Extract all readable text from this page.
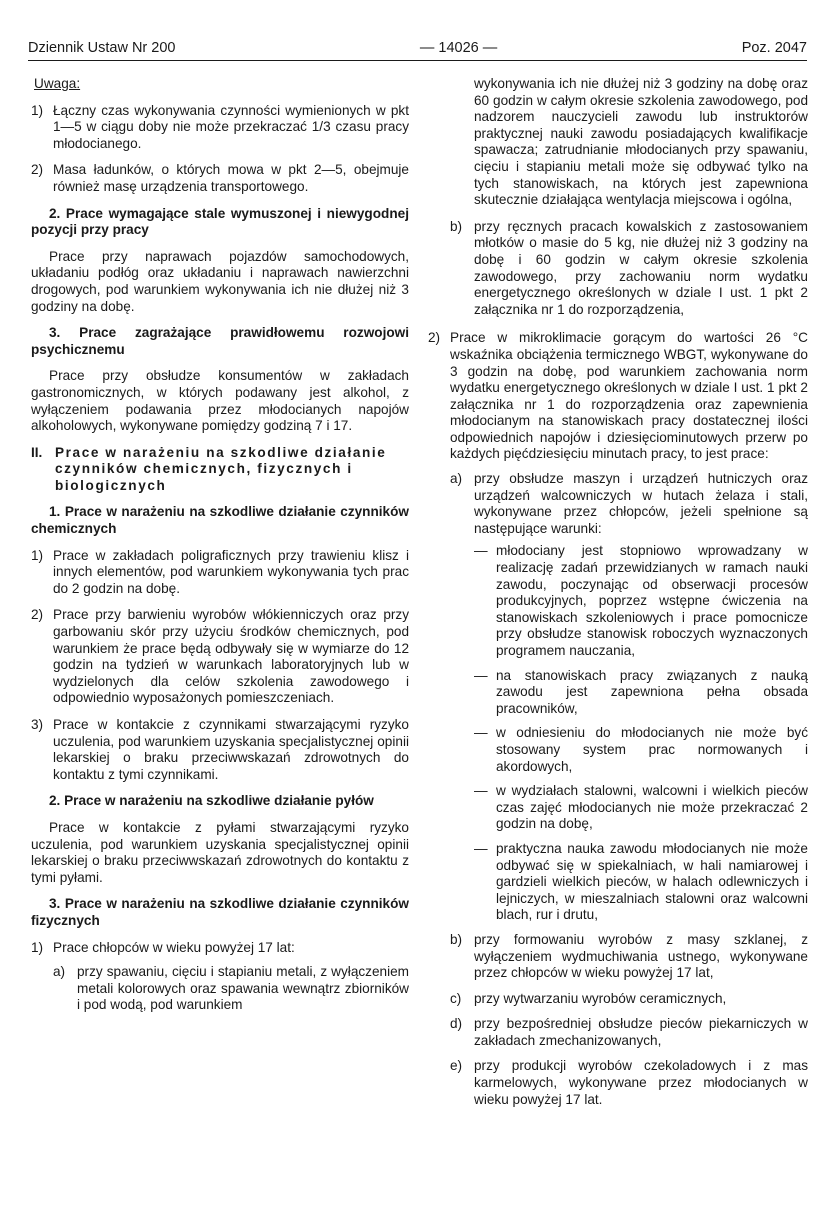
Dziennik Ustaw Nr 200	— 14026 —	Poz. 2047

Uwaga:

1) Łączny czas wykonywania czynności wymienionych w pkt 1—5 w ciągu doby nie może przekraczać 1/3 czasu pracy młodocianego.
2) Masa ładunków, o których mowa w pkt 2—5, obejmuje również masę urządzenia transportowego.

2. Prace wymagające stale wymuszonej i niewygodnej pozycji przy pracy

Prace przy naprawach pojazdów samochodowych, układaniu podłóg oraz układaniu i naprawach nawierzchni drogowych, pod warunkiem wykonywania ich nie dłużej niż 3 godziny na dobę.

3. Prace zagrażające prawidłowemu rozwojowi psychicznemu

Prace przy obsłudze konsumentów w zakładach gastronomicznych, w których podawany jest alkohol, z wyłączeniem podawania przez młodocianych napojów alkoholowych, wykonywane pomiędzy godziną 7 i 17.

II. Prace w narażeniu na szkodliwe działanie czynników chemicznych, fizycznych i biologicznych

1. Prace w narażeniu na szkodliwe działanie czynników chemicznych

1) Prace w zakładach poligraficznych przy trawieniu klisz i innych elementów, pod warunkiem wykonywania tych prac do 2 godzin na dobę.
2) Prace przy barwieniu wyrobów włókienniczych oraz przy garbowaniu skór przy użyciu środków chemicznych, pod warunkiem że prace będą odbywały się w wymiarze do 12 godzin na tydzień w warunkach laboratoryjnych lub w wydzielonych dla celów szkolenia zawodowego i odpowiednio wyposażonych pomieszczeniach.
3) Prace w kontakcie z czynnikami stwarzającymi ryzyko uczulenia, pod warunkiem uzyskania specjalistycznej opinii lekarskiej o braku przeciwwskazań zdrowotnych do kontaktu z tymi czynnikami.

2. Prace w narażeniu na szkodliwe działanie pyłów

Prace w kontakcie z pyłami stwarzającymi ryzyko uczulenia, pod warunkiem uzyskania specjalistycznej opinii lekarskiej o braku przeciwwskazań zdrowotnych do kontaktu z tymi pyłami.

3. Prace w narażeniu na szkodliwe działanie czynników fizycznych

1) Prace chłopców w wieku powyżej 17 lat:
a) przy spawaniu, cięciu i stapianiu metali, z wyłączeniem metali kolorowych oraz spawania wewnątrz zbiorników i pod wodą, pod warunkiem

wykonywania ich nie dłużej niż 3 godziny na dobę oraz 60 godzin w całym okresie szkolenia zawodowego, pod nadzorem nauczycieli zawodu lub instruktorów praktycznej nauki zawodu posiadających kwalifikacje spawacza; zatrudnianie młodocianych przy spawaniu, cięciu i stapianiu metali może się odbywać tylko na tych stanowiskach, na których jest zapewniona skutecznie działająca wentylacja miejscowa i ogólna,

b) przy ręcznych pracach kowalskich z zastosowaniem młotków o masie do 5 kg, nie dłużej niż 3 godziny na dobę i 60 godzin w całym okresie szkolenia zawodowego, przy zachowaniu norm wydatku energetycznego określonych w dziale I ust. 1 pkt 2 załącznika nr 1 do rozporządzenia,
2) Prace w mikroklimacie gorącym do wartości 26 °C wskaźnika obciążenia termicznego WBGT, wykonywane do 3 godzin na dobę, pod warunkiem zachowania norm wydatku energetycznego określonych w dziale I ust. 1 pkt 2 załącznika nr 1 do rozporządzenia oraz zapewnienia młodocianym na stanowiskach pracy dostatecznej ilości odpowiednich napojów i dziesięciominutowych przerw po każdych pięćdziesięciu minutach pracy, to jest prace:
a) przy obsłudze maszyn i urządzeń hutniczych oraz urządzeń walcowniczych w hutach żelaza i stali, wykonywane przez chłopców, jeżeli spełnione są następujące warunki:
— młodociany jest stopniowo wprowadzany w realizację zadań przewidzianych w ramach nauki zawodu, poczynając od obserwacji procesów produkcyjnych, poprzez wstępne ćwiczenia na stanowiskach szkoleniowych i prace pomocnicze przy obsłudze stanowisk roboczych wyznaczonych programem nauczania,
— na stanowiskach pracy związanych z nauką zawodu jest zapewniona pełna obsada pracowników,
— w odniesieniu do młodocianych nie może być stosowany system prac normowanych i akordowych,
— w wydziałach stalowni, walcowni i wielkich pieców czas zajęć młodocianych nie może przekraczać 2 godzin na dobę,
— praktyczna nauka zawodu młodocianych nie może odbywać się w spiekalniach, w hali namiarowej i gardzieli wielkich pieców, w halach odlewniczych i lejniczych, w mieszalniach stalowni oraz walcowni blach, rur i drutu,
b) przy formowaniu wyrobów z masy szklanej, z wyłączeniem wydmuchiwania ustnego, wykonywane przez chłopców w wieku powyżej 17 lat,
c) przy wytwarzaniu wyrobów ceramicznych,
d) przy bezpośredniej obsłudze pieców piekarniczych w zakładach zmechanizowanych,
e) przy produkcji wyrobów czekoladowych i z mas karmelowych, wykonywane przez młodocianych w wieku powyżej 17 lat.
